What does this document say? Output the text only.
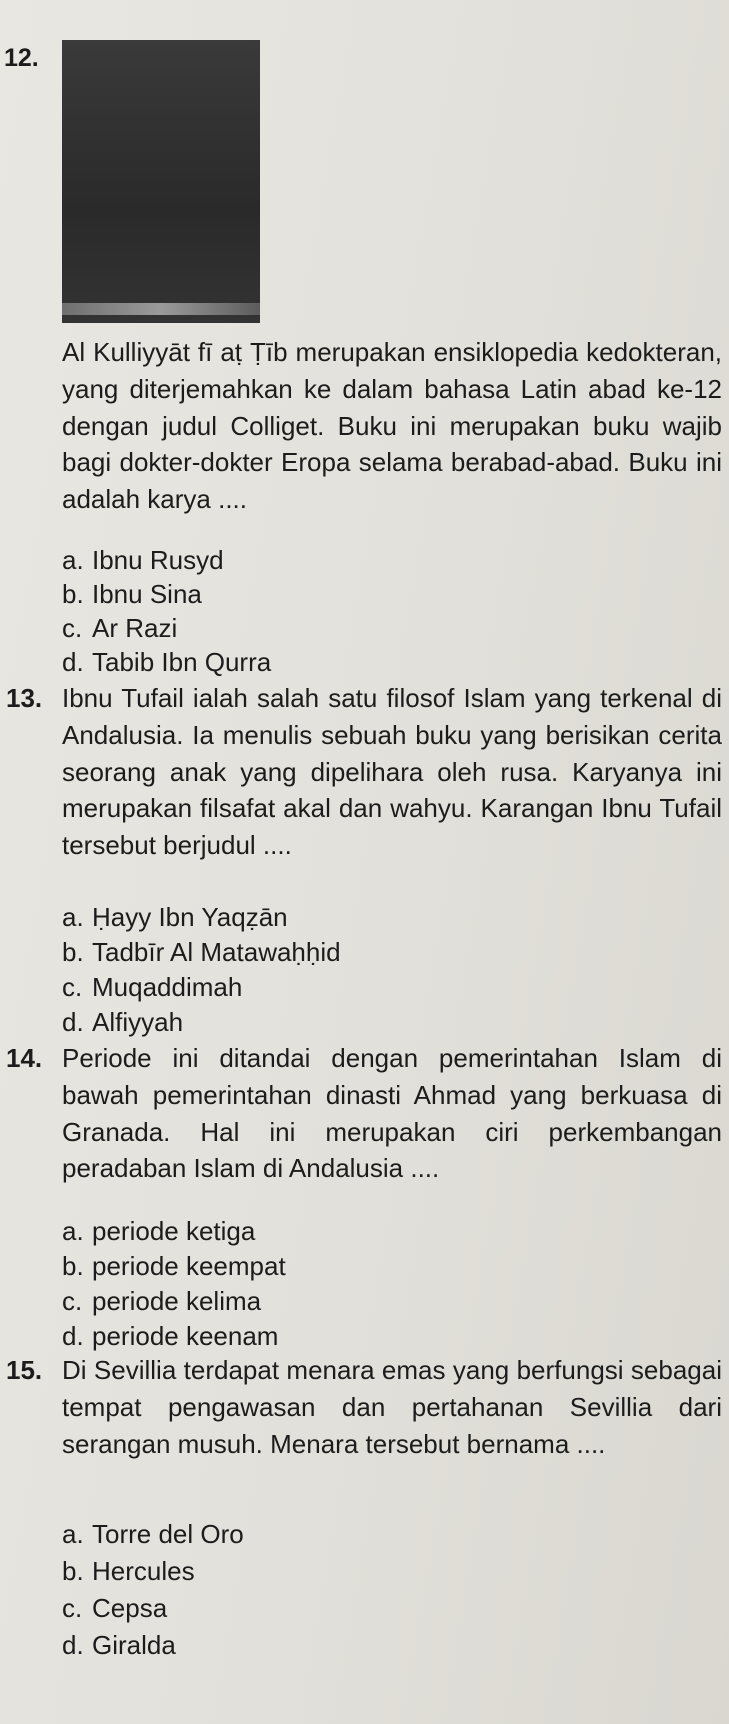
12.
Al Kulliyyāt fī aṭ Ṭīb merupakan ensiklopedia kedokteran, yang diterjemahkan ke dalam bahasa Latin abad ke-12 dengan judul Colliget. Buku ini merupakan buku wajib bagi dokter-dokter Eropa selama berabad-abad. Buku ini adalah karya ....
a. Ibnu Rusyd
b. Ibnu Sina
c. Ar Razi
d. Tabib Ibn Qurra
13. Ibnu Tufail ialah salah satu filosof Islam yang terkenal di Andalusia. Ia menulis sebuah buku yang berisikan cerita seorang anak yang dipelihara oleh rusa. Karyanya ini merupakan filsafat akal dan wahyu. Karangan Ibnu Tufail tersebut berjudul ....
a. Ḥayy Ibn Yaqẓān
b. Tadbīr Al Matawaḥḥid
c. Muqaddimah
d. Alfiyyah
14. Periode ini ditandai dengan pemerintahan Islam di bawah pemerintahan dinasti Ahmad yang berkuasa di Granada. Hal ini merupakan ciri perkembangan peradaban Islam di Andalusia ....
a. periode ketiga
b. periode keempat
c. periode kelima
d. periode keenam
15. Di Sevillia terdapat menara emas yang berfungsi sebagai tempat pengawasan dan pertahanan Sevillia dari serangan musuh. Menara tersebut bernama ....
a. Torre del Oro
b. Hercules
c. Cepsa
d. Giralda
